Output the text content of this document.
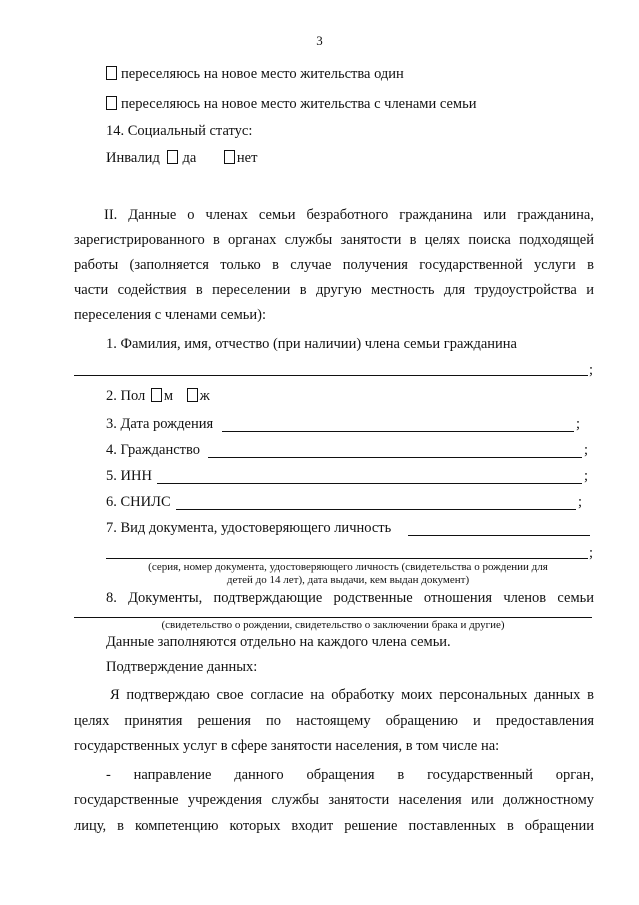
3
переселяюсь на новое место жительства один
переселяюсь на новое место жительства с членами семьи
14. Социальный статус:
Инвалид да	нет
II. Данные о членах семьи безработного гражданина или гражданина,
зарегистрированного в органах службы занятости в целях поиска подходящей
работы (заполняется только в случае получения государственной услуги в
части содействия в переселении в другую местность для трудоустройства и
переселения с членами семьи):
1. Фамилия, имя, отчество (при наличии) члена семьи гражданина
;
2. Пол м ж
3. Дата рождения	;
4. Гражданство	;
5. ИНН	;
6. СНИЛС	;
7. Вид документа, удостоверяющего личность
;
(серия, номер документа, удостоверяющего личность (свидетельства о рождении для
детей до 14 лет), дата выдачи, кем выдан документ)
8. Документы, подтверждающие родственные отношения членов семьи
(свидетельство о рождении, свидетельство о заключении брака и другие)
Данные заполняются отдельно на каждого члена семьи.
Подтверждение данных:
Я подтверждаю свое согласие на обработку моих персональных данных в
целях принятия решения по настоящему обращению и предоставления
государственных услуг в сфере занятости населения, в том числе на:
- направление данного обращения в государственный орган,
государственные учреждения службы занятости населения или должностному
лицу, в компетенцию которых входит решение поставленных в обращении
